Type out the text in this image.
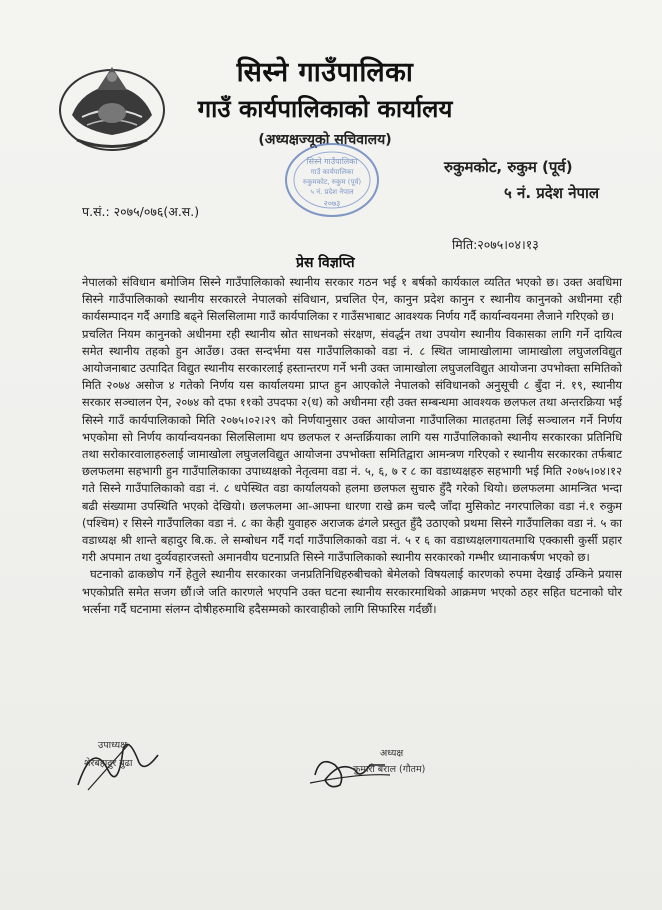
सिस्ने गाउँपालिका
गाउँ कार्यपालिकाको कार्यालय
(अध्यक्षज्यूको सचिवालय)
सिस्ने गाउँपालिका
गाउँ कार्यपालिका
रुकुमकोट, रुकुम (पूर्व)
५ नं. प्रदेश नेपाल
२०७३
रुकुमकोट, रुकुम (पूर्व)
५ नं. प्रदेश नेपाल
प.सं.: २०७५/०७६(अ.स.)
मिति:२०७५।०४।१३
प्रेस विज्ञप्ति

नेपालको संविधान बमोजिम सिस्ने गाउँपालिकाको स्थानीय सरकार गठन भई १ बर्षको कार्यकाल व्यतित भएको छ। उक्त अवधिमा सिस्ने गाउँपालिकाको स्थानीय सरकारले नेपालको संविधान, प्रचलित ऐन, कानुन प्रदेश कानुन र स्थानीय कानुनको अधीनमा रही कार्यसम्पादन गर्दै अगाडि बढ्ने सिलसिलामा गाउँ कार्यपालिका र गाउँसभाबाट आवश्यक निर्णय गर्दै कार्यान्वयनमा लैजाने गरिएको छ।

प्रचलित नियम कानुनको अधीनमा रही स्थानीय स्रोत साधनको संरक्षण, संवर्द्धन तथा उपयोग स्थानीय विकासका लागि गर्ने दायित्व समेत स्थानीय तहको हुन आउँछ। उक्त सन्दर्भमा यस गाउँपालिकाको वडा नं. ८ स्थित जामाखोलामा जामाखोला लघुजलविद्युत आयोजनाबाट उत्पादित विद्युत स्थानीय सरकारलाई हस्तान्तरण गर्ने भनी उक्त जामाखोला लघुजलविद्युत आयोजना उपभोक्ता समितिको मिति २०७४ असोज ४ गतेको निर्णय यस कार्यालयमा प्राप्त हुन आएकोले नेपालको संविधानको अनुसूची ८ बुँदा नं. १९, स्थानीय सरकार सञ्चालन ऐन, २०७४ को दफा ११को उपदफा २(ध) को अधीनमा रही उक्त सम्बन्धमा आवश्यक छलफल तथा अन्तरक्रिया भई सिस्ने गाउँ कार्यपालिकाको मिति २०७५।०२।२९ को निर्णयानुसार उक्त आयोजना गाउँपालिका मातहतमा लिई सञ्चालन गर्ने निर्णय भएकोमा सो निर्णय कार्यान्वयनका सिलसिलामा थप छलफल र अन्तर्क्रियाका लागि यस गाउँपालिकाको स्थानीय सरकारका प्रतिनिधि तथा सरोकारवालाहरुलाई जामाखोला लघुजलविद्युत आयोजना उपभोक्ता समितिद्वारा आमन्त्रण गरिएको र स्थानीय सरकारका तर्फबाट छलफलमा सहभागी हुन गाउँपालिकाका उपाध्यक्षको नेतृत्वमा वडा नं. ५, ६, ७ र ८ का वडाध्यक्षहरु सहभागी भई मिति २०७५।०४।१२ गते सिस्ने गाउँपालिकाको वडा नं. ८ धपेस्थित वडा कार्यालयको हलमा छलफल सुचारु हुँदै गरेको थियो। छलफलमा आमन्त्रित भन्दा बढी संख्यामा उपस्थिति भएको देखियो। छलफलमा आ-आफ्ना धारणा राखे क्रम चल्दै जाँदा मुसिकोट नगरपालिका वडा नं.१ रुकुम (पश्चिम) र सिस्ने गाउँपालिका वडा नं. ८ का केही युवाहरु अराजक ढंगले प्रस्तुत हुँदै उठाएको प्रथमा सिस्ने गाउँपालिका वडा नं. ५ का वडाध्यक्ष श्री शान्ते बहादुर बि.क. ले सम्बोधन गर्दै गर्दा गाउँपालिकाको वडा नं. ५ र ६ का वडाध्यक्षलगायतमाथि एक्कासी कुर्सी प्रहार गरी अपमान तथा दुर्व्यवहारजस्तो अमानवीय घटनाप्रति सिस्ने गाउँपालिकाको स्थानीय सरकारको गम्भीर ध्यानाकर्षण भएको छ।

घटनाको ढाकछोप गर्ने हेतुले स्थानीय सरकारका जनप्रतिनिधिहरुबीचको बेमेलको विषयलाई कारणको रुपमा देखाई उम्किने प्रयास भएकोप्रति समेत सजग छौं।जे जति कारणले भएपनि उक्त घटना स्थानीय सरकारमाथिको आक्रमण भएको ठहर सहित घटनाको घोर भर्त्सना गर्दै घटनामा संलग्न दोषीहरुमाथि हदैसम्मको कारवाहीको लागि सिफारिस गर्दछौं।

उपाध्यक्ष
शेरबहादुर बुढा
अध्यक्ष
कुमारी बराल (गौतम)
